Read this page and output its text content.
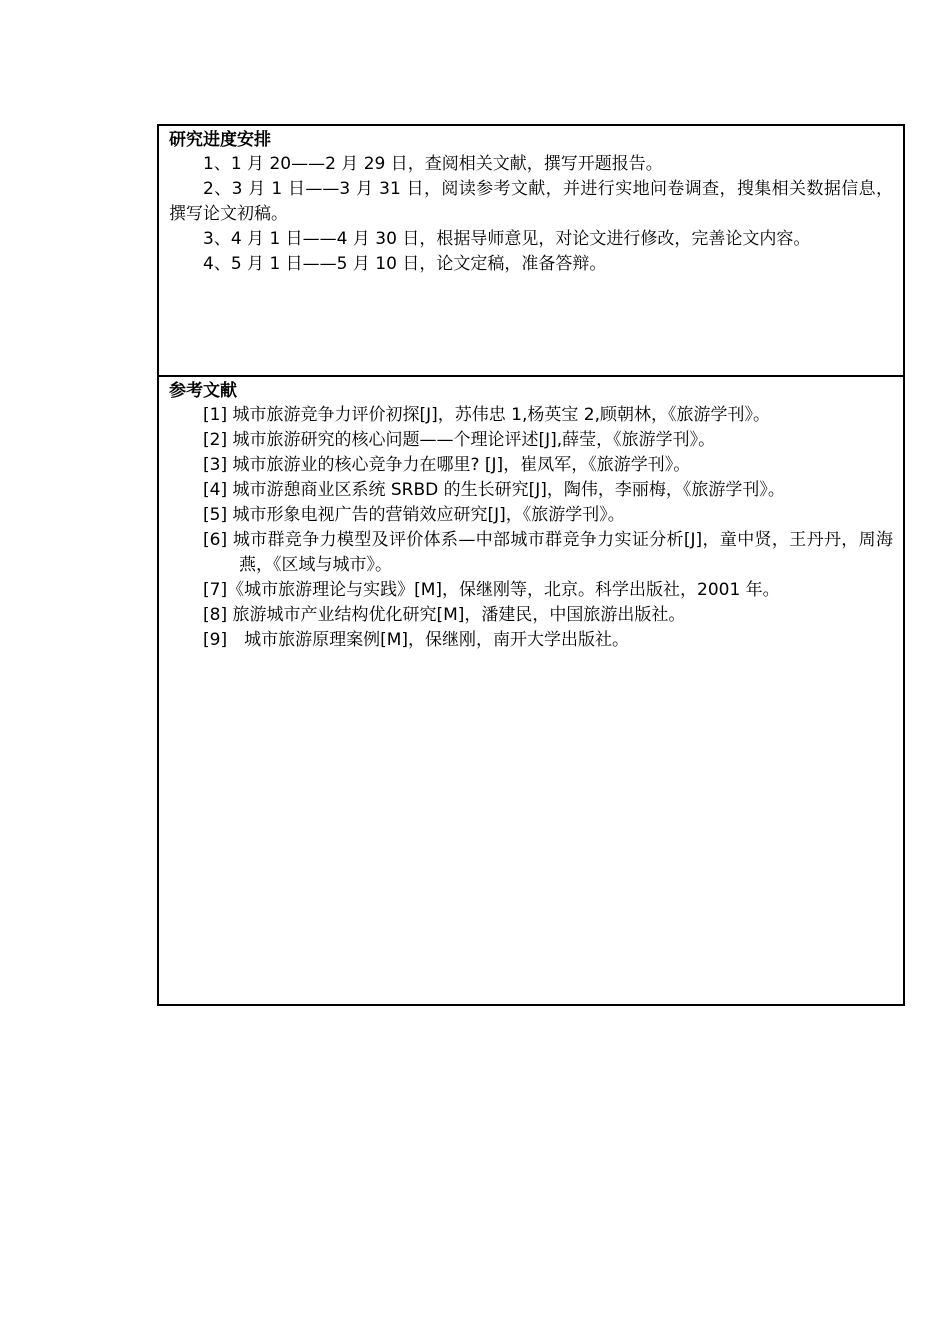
研究进度安排

1、1 月 20——2 月 29 日，查阅相关文献，撰写开题报告。

2、3 月 1 日——3 月 31 日，阅读参考文献，并进行实地问卷调查，搜集相关数据信息，撰写论文初稿。

3、4 月 1 日——4 月 30 日，根据导师意见，对论文进行修改，完善论文内容。

4、5 月 1 日——5 月 10 日，论文定稿，准备答辩。

参考文献

[1] 城市旅游竞争力评价初探[J]，苏伟忠 1,杨英宝 2,顾朝林，《旅游学刊》。
[2] 城市旅游研究的核心问题——个理论评述[J],薛莹，《旅游学刊》。
[3] 城市旅游业的核心竞争力在哪里? [J]，崔凤军，《旅游学刊》。
[4] 城市游憩商业区系统 SRBD 的生长研究[J]，陶伟，李丽梅，《旅游学刊》。
[5] 城市形象电视广告的营销效应研究[J]，《旅游学刊》。
[6] 城市群竞争力模型及评价体系—中部城市群竞争力实证分析[J]，童中贤，王丹丹，周海燕，《区域与城市》。
[7]《城市旅游理论与实践》[M]，保继刚等，北京。科学出版社，2001 年。
[8] 旅游城市产业结构优化研究[M]，潘建民，中国旅游出版社。
[9]　城市旅游原理案例[M]，保继刚，南开大学出版社。
